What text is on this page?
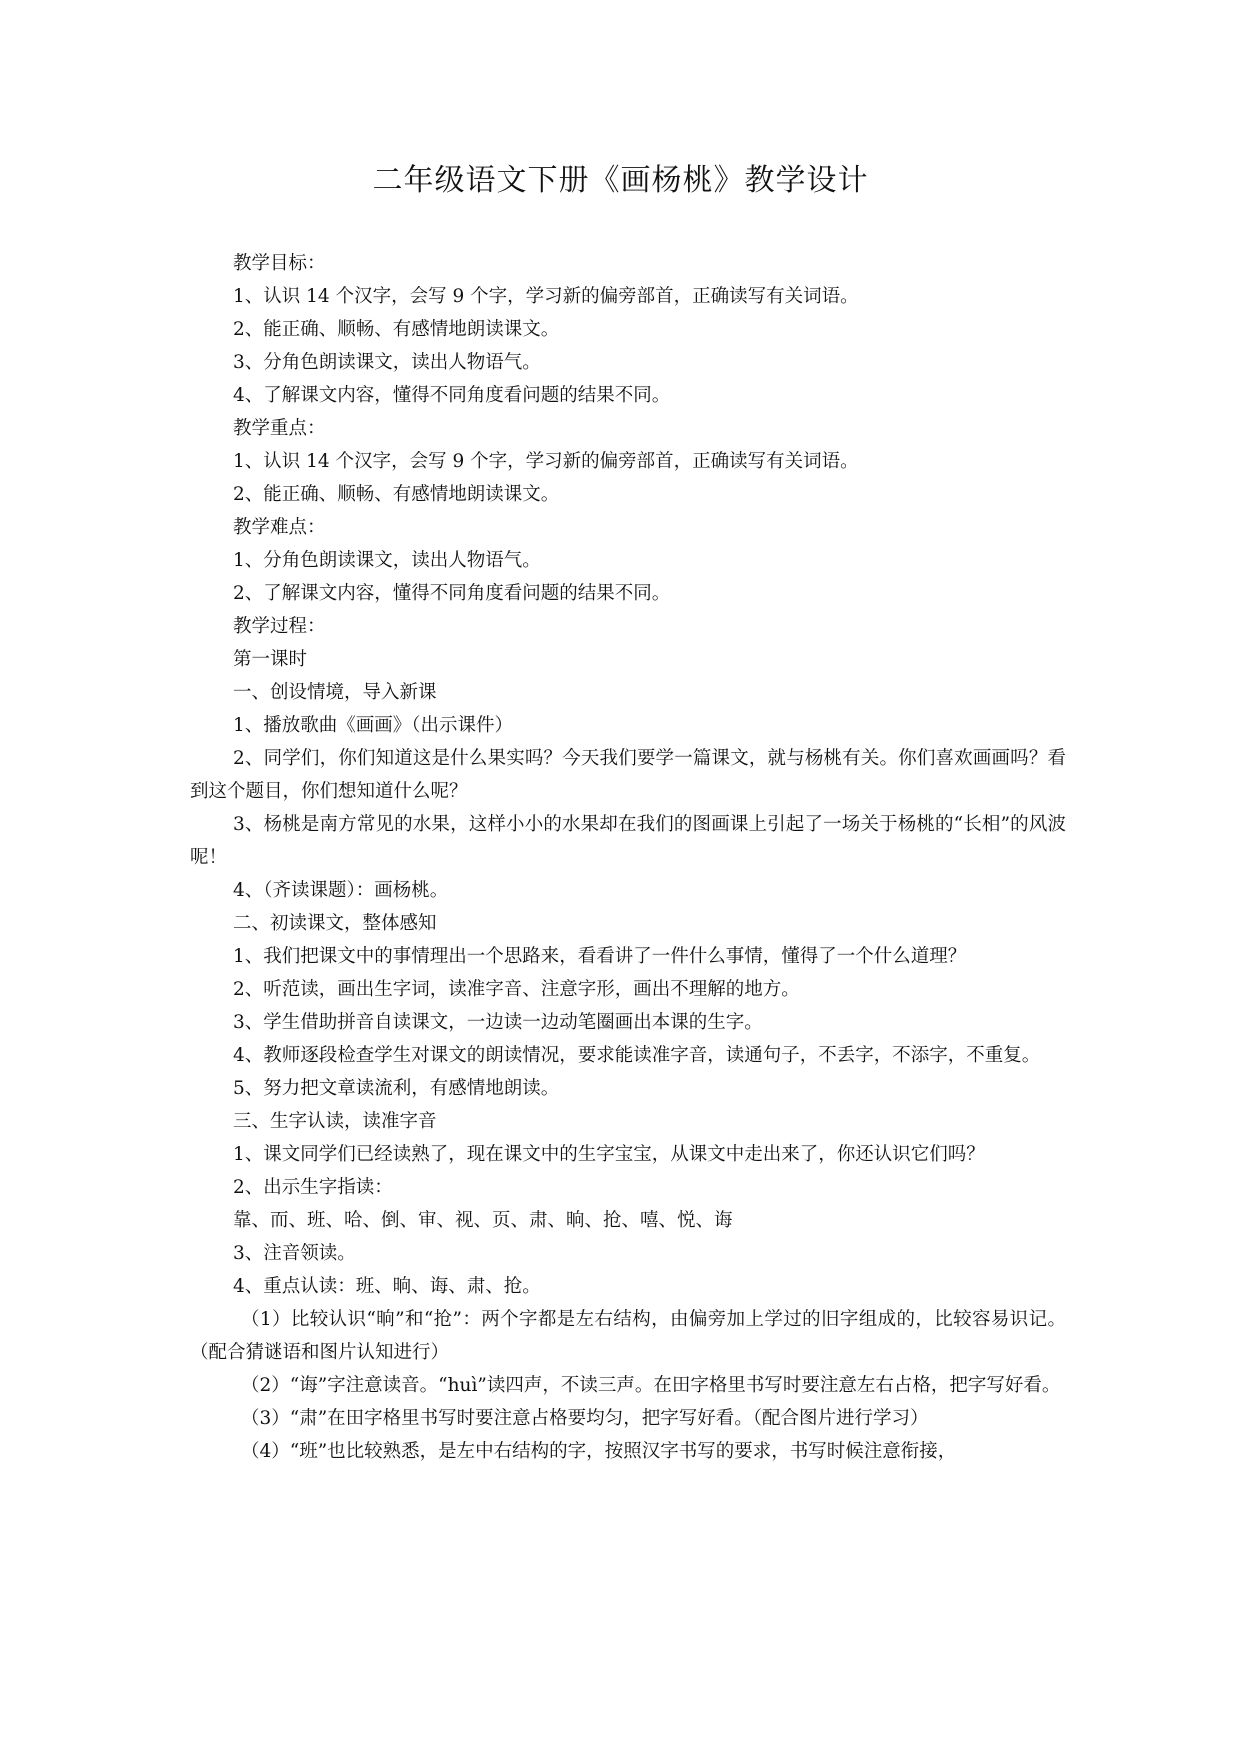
二年级语文下册《画杨桃》教学设计

教学目标：

1、认识 14 个汉字，会写 9 个字，学习新的偏旁部首，正确读写有关词语。

2、能正确、顺畅、有感情地朗读课文。

3、分角色朗读课文，读出人物语气。

4、了解课文内容，懂得不同角度看问题的结果不同。

教学重点：

1、认识 14 个汉字，会写 9 个字，学习新的偏旁部首，正确读写有关词语。

2、能正确、顺畅、有感情地朗读课文。

教学难点：

1、分角色朗读课文，读出人物语气。

2、了解课文内容，懂得不同角度看问题的结果不同。

教学过程：

第一课时

一、创设情境，导入新课

1、播放歌曲《画画》（出示课件）

2、同学们，你们知道这是什么果实吗？今天我们要学一篇课文，就与杨桃有关。你们喜欢画画吗？看到这个题目，你们想知道什么呢？

3、杨桃是南方常见的水果，这样小小的水果却在我们的图画课上引起了一场关于杨桃的“长相”的风波呢！

4、（齐读课题）：画杨桃。

二、初读课文，整体感知

1、我们把课文中的事情理出一个思路来，看看讲了一件什么事情，懂得了一个什么道理？

2、听范读，画出生字词，读准字音、注意字形，画出不理解的地方。

3、学生借助拼音自读课文，一边读一边动笔圈画出本课的生字。

4、教师逐段检查学生对课文的朗读情况，要求能读准字音，读通句子，不丢字，不添字，不重复。

5、努力把文章读流利，有感情地朗读。

三、生字认读，读准字音

1、课文同学们已经读熟了，现在课文中的生字宝宝，从课文中走出来了，你还认识它们吗？

2、出示生字指读：

靠、而、班、哈、倒、审、视、页、肃、晌、抢、嘻、悦、诲

3、注音领读。

4、重点认读：班、晌、诲、肃、抢。

（1）比较认识“晌”和“抢”：两个字都是左右结构，由偏旁加上学过的旧字组成的，比较容易识记。（配合猜谜语和图片认知进行）

（2）“诲”字注意读音。“huì”读四声，不读三声。在田字格里书写时要注意左右占格，把字写好看。

（3）“肃”在田字格里书写时要注意占格要均匀，把字写好看。（配合图片进行学习）

（4）“班”也比较熟悉，是左中右结构的字，按照汉字书写的要求，书写时候注意衔接，
